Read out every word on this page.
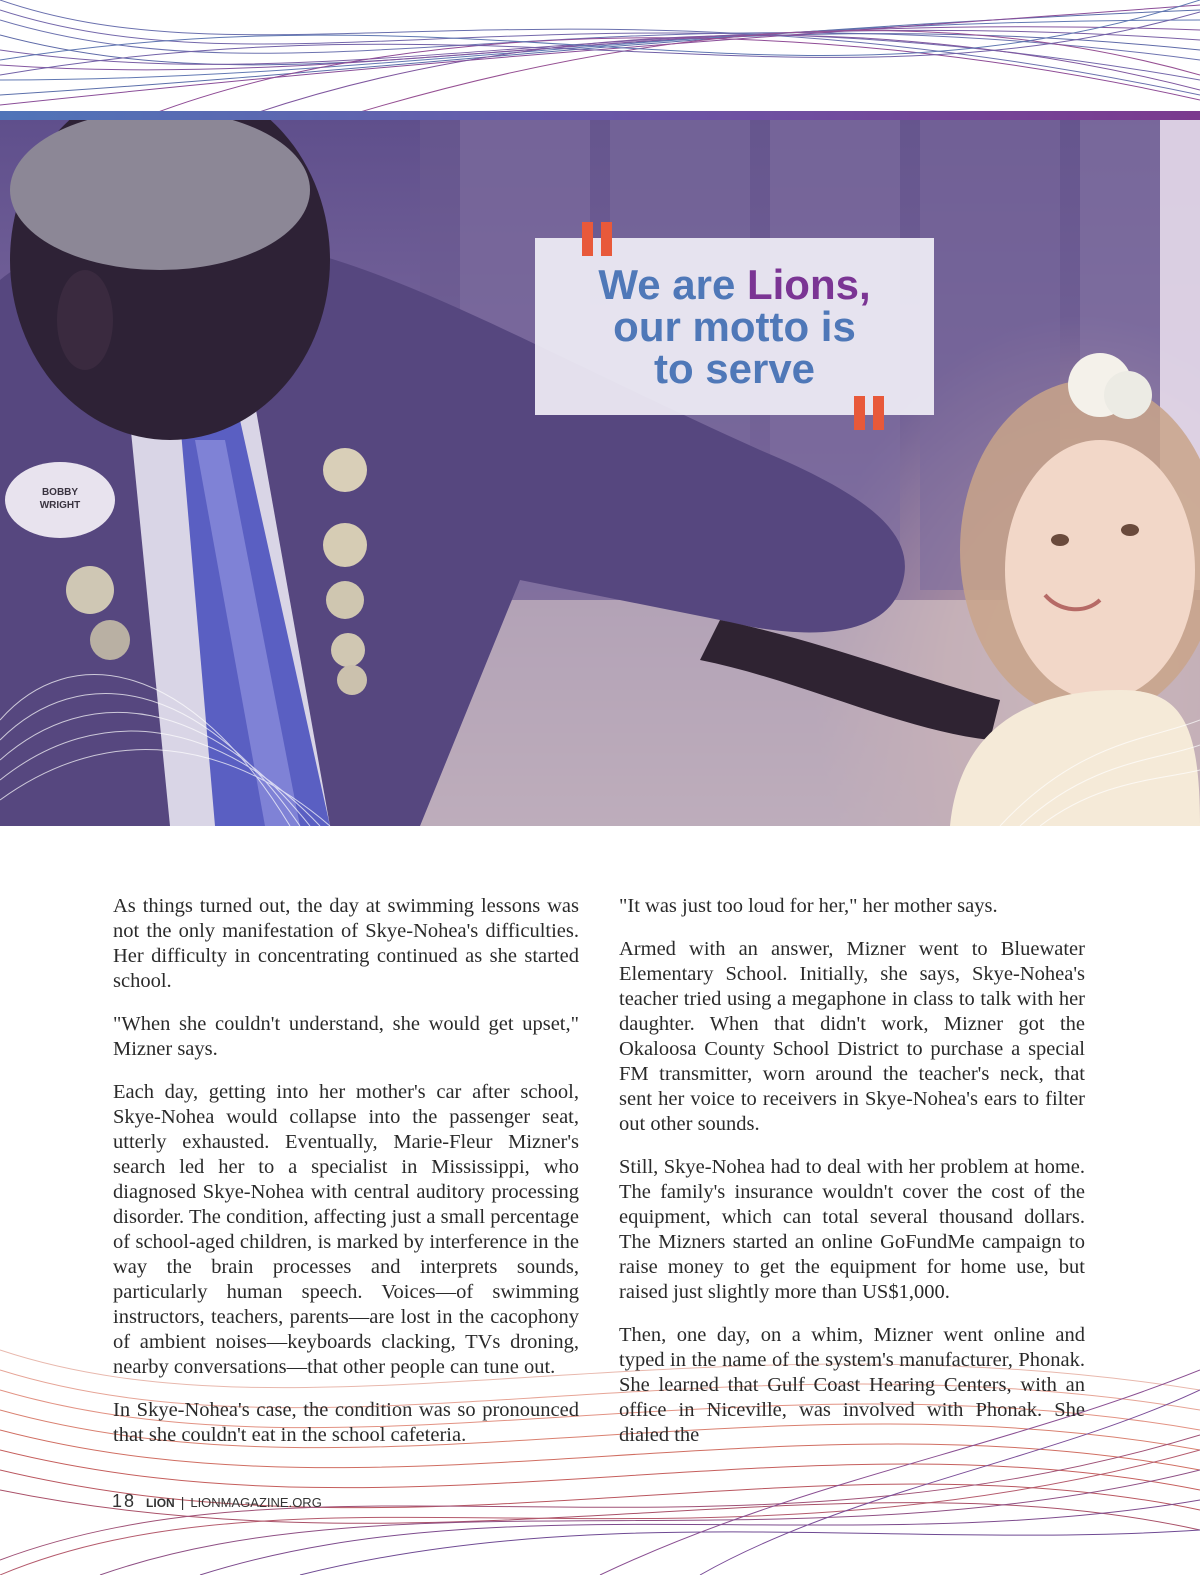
BOBBY
WRIGHT
We are Lions,
our motto is
to serve

As things turned out, the day at swimming lessons was not the only manifestation of Skye-Nohea's difficulties. Her difficulty in concentrating continued as she started school.

"When she couldn't understand, she would get upset," Mizner says.

Each day, getting into her mother's car after school, Skye-Nohea would collapse into the passenger seat, utterly exhausted. Eventually, Marie-Fleur Mizner's search led her to a specialist in Mississippi, who diagnosed Skye-Nohea with central auditory processing disorder. The condition, affecting just a small percentage of school-aged children, is marked by interference in the way the brain processes and interprets sounds, particularly human speech. Voices—of swimming instructors, teachers, parents—are lost in the cacophony of ambient noises—keyboards clacking, TVs droning, nearby conversations—that other people can tune out.

In Skye-Nohea's case, the condition was so pronounced that she couldn't eat in the school cafeteria.

"It was just too loud for her," her mother says.

Armed with an answer, Mizner went to Bluewater Elementary School. Initially, she says, Skye-Nohea's teacher tried using a megaphone in class to talk with her daughter. When that didn't work, Mizner got the Okaloosa County School District to purchase a special FM transmitter, worn around the teacher's neck, that sent her voice to receivers in Skye-Nohea's ears to filter out other sounds.

Still, Skye-Nohea had to deal with her problem at home. The family's insurance wouldn't cover the cost of the equipment, which can total several thousand dollars. The Mizners started an online GoFundMe campaign to raise money to get the equipment for home use, but raised just slightly more than US$1,000.

Then, one day, on a whim, Mizner went online and typed in the name of the system's manufacturer, Phonak. She learned that Gulf Coast Hearing Centers, with an office in Niceville, was involved with Phonak. She dialed the

18 LION | LIONMAGAZINE.ORG
